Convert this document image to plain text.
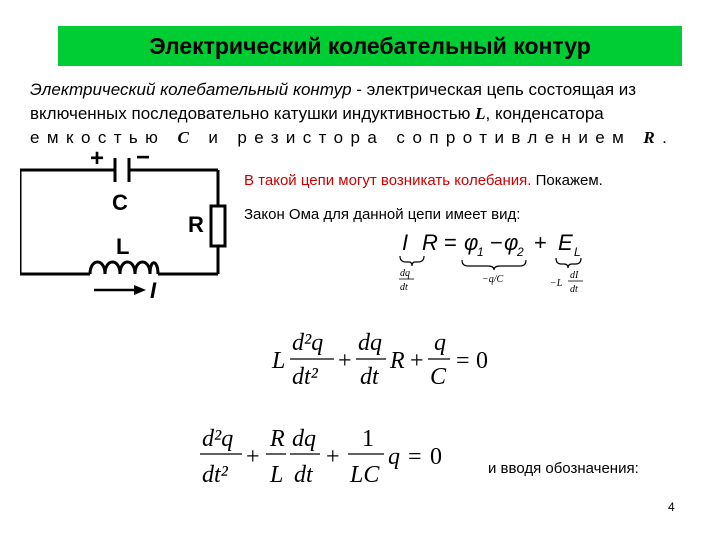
Электрический колебательный контур
Электрический колебательный контур - электрическая цепь состоящая из включенных последовательно катушки индуктивностью L, конденсатора
емкостью C и резистора сопротивлением R.
+ −
C
R
L
I
В такой цепи могут возникать колебания. Покажем.
Закон Ома для данной цепи имеет вид:
I R = φ
1 − φ
2 + E L
dq
dt
−q/C	−L
dI
dt
L
d²q
dt²
+
dq
dt
R +
q
C
= 0
d²q
dt²
+
R
L
dq
dt
+
1
LC
q = 0	и вводя обозначения:
4
